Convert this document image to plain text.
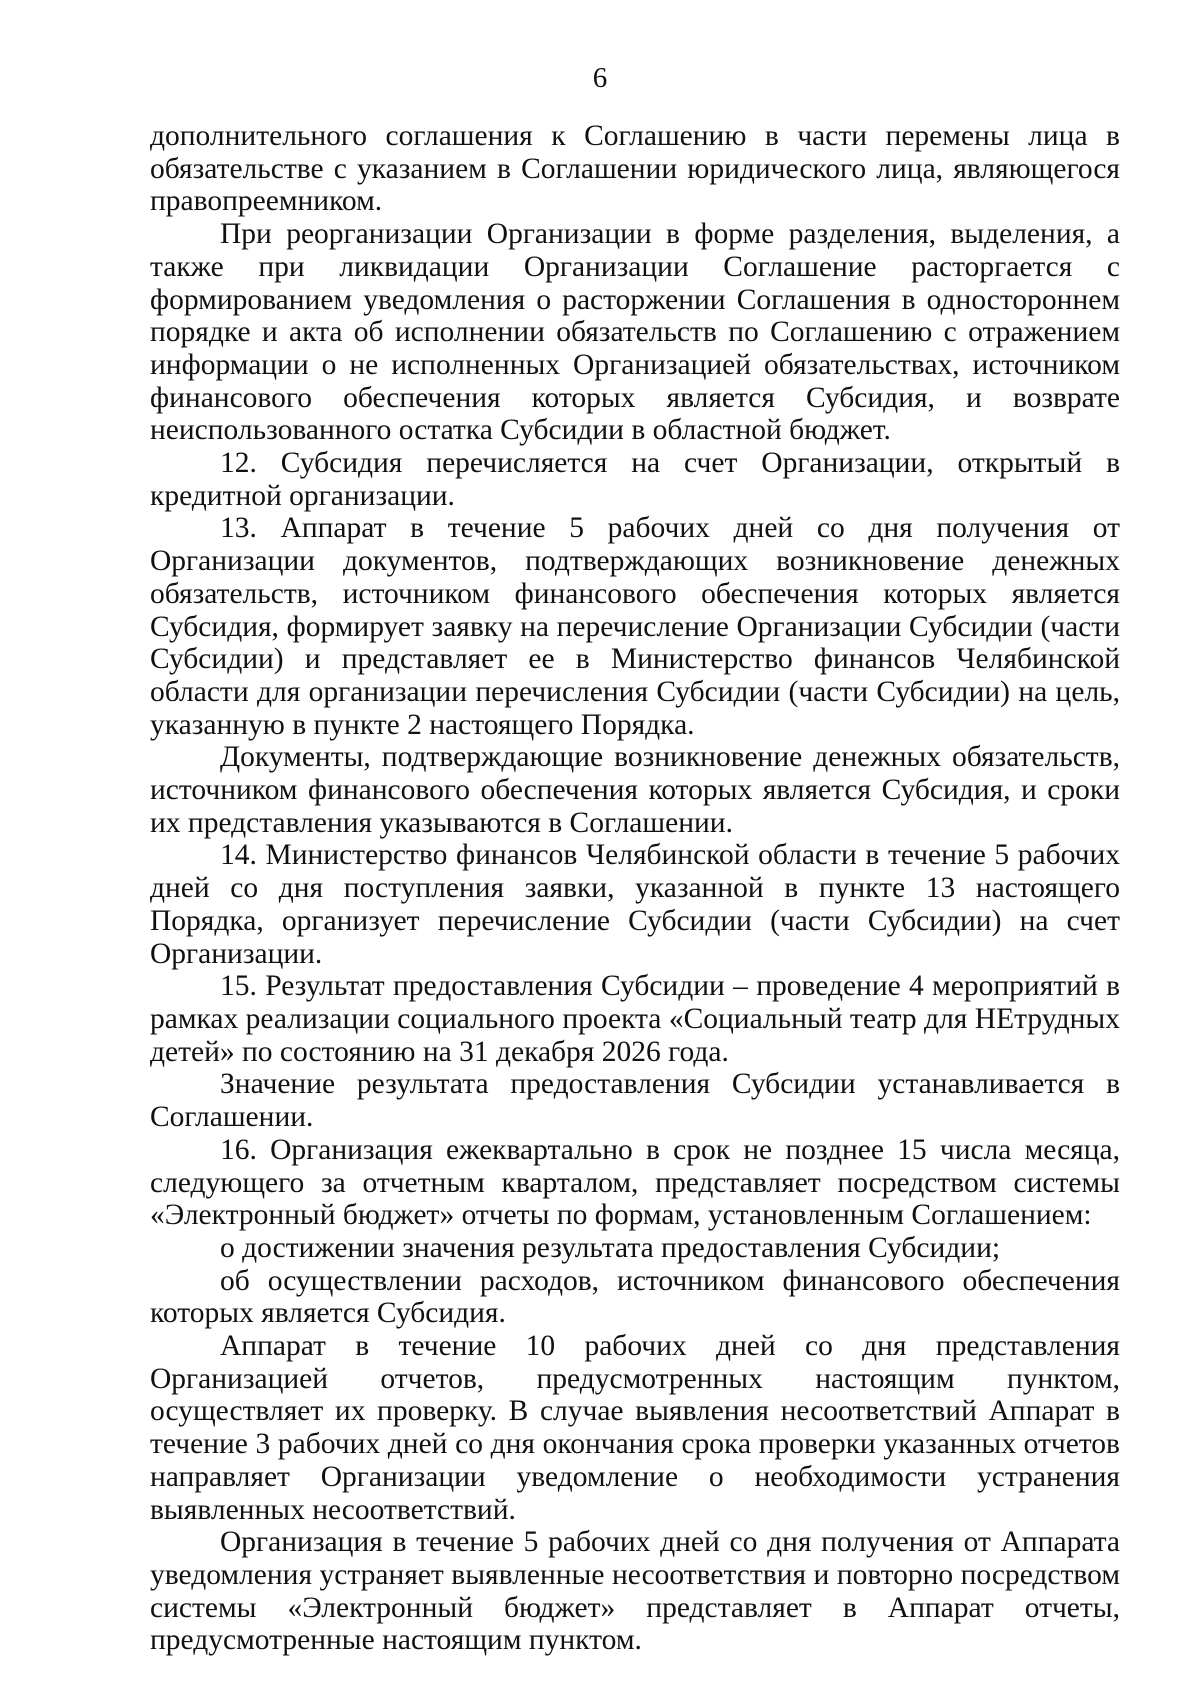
6

дополнительного соглашения к Соглашению в части перемены лица в обязательстве с указанием в Соглашении юридического лица, являющегося правопреемником.

При реорганизации Организации в форме разделения, выделения, а также при ликвидации Организации Соглашение расторгается с формированием уведомления о расторжении Соглашения в одностороннем порядке и акта об исполнении обязательств по Соглашению с отражением информации о не исполненных Организацией обязательствах, источником финансового обеспечения которых является Субсидия, и возврате неиспользованного остатка Субсидии в областной бюджет.

12. Субсидия перечисляется на счет Организации, открытый в кредитной организации.

13. Аппарат в течение 5 рабочих дней со дня получения от Организации документов, подтверждающих возникновение денежных обязательств, источником финансового обеспечения которых является Субсидия, формирует заявку на перечисление Организации Субсидии (части Субсидии) и представляет ее в Министерство финансов Челябинской области для организации перечисления Субсидии (части Субсидии) на цель, указанную в пункте 2 настоящего Порядка.

Документы, подтверждающие возникновение денежных обязательств, источником финансового обеспечения которых является Субсидия, и сроки их представления указываются в Соглашении.

14. Министерство финансов Челябинской области в течение 5 рабочих дней со дня поступления заявки, указанной в пункте 13 настоящего Порядка, организует перечисление Субсидии (части Субсидии) на счет Организации.

15. Результат предоставления Субсидии – проведение 4 мероприятий в рамках реализации социального проекта «Социальный театр для НЕтрудных детей» по состоянию на 31 декабря 2026 года.

Значение результата предоставления Субсидии устанавливается в Соглашении.

16. Организация ежеквартально в срок не позднее 15 числа месяца, следующего за отчетным кварталом, представляет посредством системы «Электронный бюджет» отчеты по формам, установленным Соглашением:

о достижении значения результата предоставления Субсидии;

об осуществлении расходов, источником финансового обеспечения которых является Субсидия.

Аппарат в течение 10 рабочих дней со дня представления Организацией отчетов, предусмотренных настоящим пунктом, осуществляет их проверку. В случае выявления несоответствий Аппарат в течение 3 рабочих дней со дня окончания срока проверки указанных отчетов направляет Организации уведомление о необходимости устранения выявленных несоответствий.

Организация в течение 5 рабочих дней со дня получения от Аппарата уведомления устраняет выявленные несоответствия и повторно посредством системы «Электронный бюджет» представляет в Аппарат отчеты, предусмотренные настоящим пунктом.
